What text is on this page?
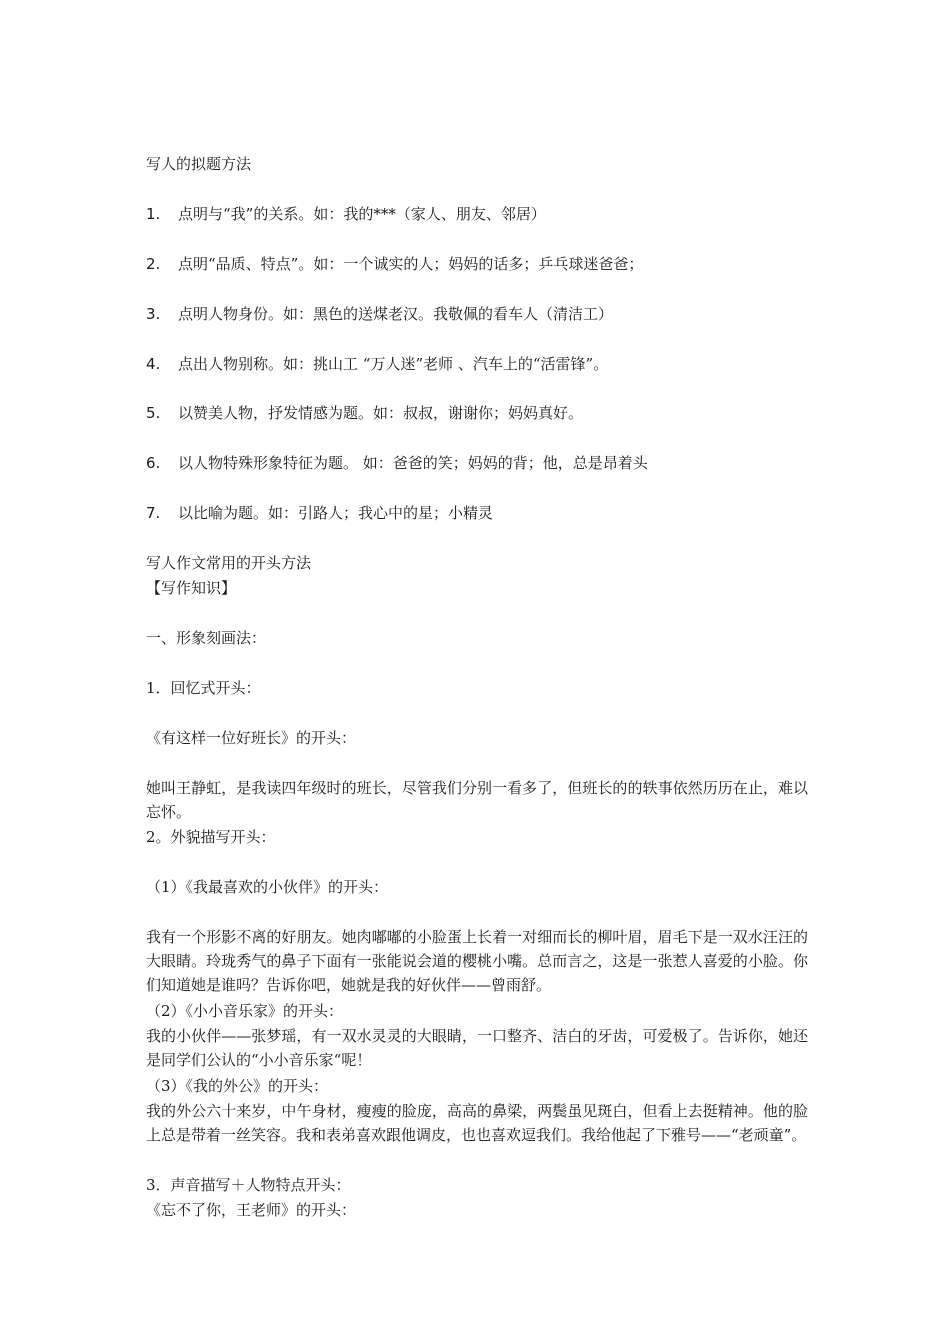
写人的拟题方法
1. 点明与“我”的关系。如：我的***（家人、朋友、邻居）
2. 点明“品质、特点”。如：一个诚实的人；妈妈的话多；乒乓球迷爸爸；
3. 点明人物身份。如：黑色的送煤老汉。我敬佩的看车人（清洁工）
4. 点出人物别称。如：挑山工 “万人迷”老师 、汽车上的“活雷锋”。
5. 以赞美人物，抒发情感为题。如：叔叔，谢谢你；妈妈真好。
6. 以人物特殊形象特征为题。 如：爸爸的笑；妈妈的背；他，总是昂着头
7. 以比喻为题。如：引路人；我心中的星；小精灵
写人作文常用的开头方法
【写作知识】
一、形象刻画法：
1．回忆式开头：
《有这样一位好班长》的开头：
她叫王静虹，是我读四年级时的班长，尽管我们分别一看多了，但班长的的轶事依然历历在止，难以忘怀。
2。外貌描写开头：
（1）《我最喜欢的小伙伴》的开头：
我有一个形影不离的好朋友。她肉嘟嘟的小脸蛋上长着一对细而长的柳叶眉，眉毛下是一双水汪汪的大眼睛。玲珑秀气的鼻子下面有一张能说会道的樱桃小嘴。总而言之，这是一张惹人喜爱的小脸。你们知道她是谁吗？告诉你吧，她就是我的好伙伴——曾雨舒。
（2）《小小音乐家》的开头：
我的小伙伴——张梦瑶，有一双水灵灵的大眼睛，一口整齐、洁白的牙齿，可爱极了。告诉你，她还是同学们公认的“小小音乐家“呢！
（3）《我的外公》的开头：
我的外公六十来岁，中午身材，瘦瘦的脸庞，高高的鼻梁，两鬓虽见斑白，但看上去挺精神。他的脸上总是带着一丝笑容。我和表弟喜欢跟他调皮，也也喜欢逗我们。我给他起了下雅号——“老顽童”。
3．声音描写＋人物特点开头：
《忘不了你，王老师》的开头：
